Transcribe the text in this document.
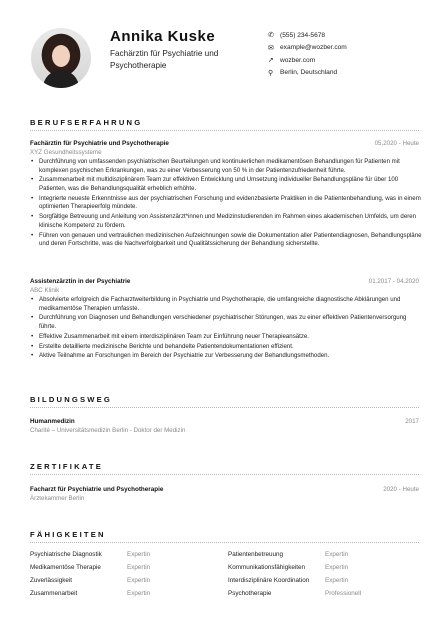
Annika Kuske
Fachärztin für Psychiatrie und Psychotherapie
✆ (555) 234-5678
✉ example@wozber.com
➚ wozber.com
⚲	Berlin, Deutschland
BERUFSERFAHRUNG
Fachärztin für Psychiatrie und Psychotherapie	05.2020 - Heute
XYZ Gesundheitssysteme
• Durchführung von umfassenden psychiatrischen Beurteilungen und kontinuierlichen medikamentösen Behandlungen für Patienten mit komplexen psychischen Erkrankungen, was zu einer Verbesserung von 50 % in der Patientenzufriedenheit führte.
• Zusammenarbeit mit multidisziplinärem Team zur effektiven Entwicklung und Umsetzung individueller Behandlungspläne für über 100 Patienten, was die Behandlungsqualität erheblich erhöhte.
• Integrierte neueste Erkenntnisse aus der psychiatrischen Forschung und evidenzbasierte Praktiken in die Patientenbehandlung, was in einem optimierten Therapieerfolg mündete.
• Sorgfältige Betreuung und Anleitung von Assistenzärzt*innen und Medizinstudierenden im Rahmen eines akademischen Umfelds, um deren klinische Kompetenz zu fördern.
• Führen von genauen und vertraulichen medizinischen Aufzeichnungen sowie die Dokumentation aller Patientendiagnosen, Behandlungspläne und deren Fortschritte, was die Nachverfolgbarkeit und Qualitätssicherung der Behandlung sicherstellte.
Assistenzärztin in der Psychiatrie	01.2017 - 04.2020
ABC Klinik
• Absolvierte erfolgreich die Facharztweiterbildung in Psychiatrie und Psychotherapie, die umfangreiche diagnostische Abklärungen und medikamentöse Therapien umfasste.
• Durchführung von Diagnosen und Behandlungen verschiedener psychiatrischer Störungen, was zu einer effektiven Patientenversorgung führte.
• Effektive Zusammenarbeit mit einem interdisziplinären Team zur Einführung neuer Therapieansätze.
• Erstellte detaillierte medizinische Berichte und behandelte Patientendokumentationen effizient.
• Aktive Teilnahme an Forschungen im Bereich der Psychiatrie zur Verbesserung der Behandlungsmethoden.
BILDUNGSWEG
Humanmedizin	2017
Charité – Universitätsmedizin Berlin - Doktor der Medizin
ZERTIFIKATE
Facharzt für Psychiatrie und Psychotherapie	2020 - Heute
Ärztekammer Berlin
FÄHIGKEITEN
Psychiatrische Diagnostik	Expertin	Patientenbetreuung	Expertin
Medikamentöse Therapie	Expertin	Kommunikationsfähigkeiten	Expertin
Zuverlässigkeit	Expertin	Interdisziplinäre Koordination	Expertin
Zusammenarbeit	Expertin	Psychotherapie	Professionell
